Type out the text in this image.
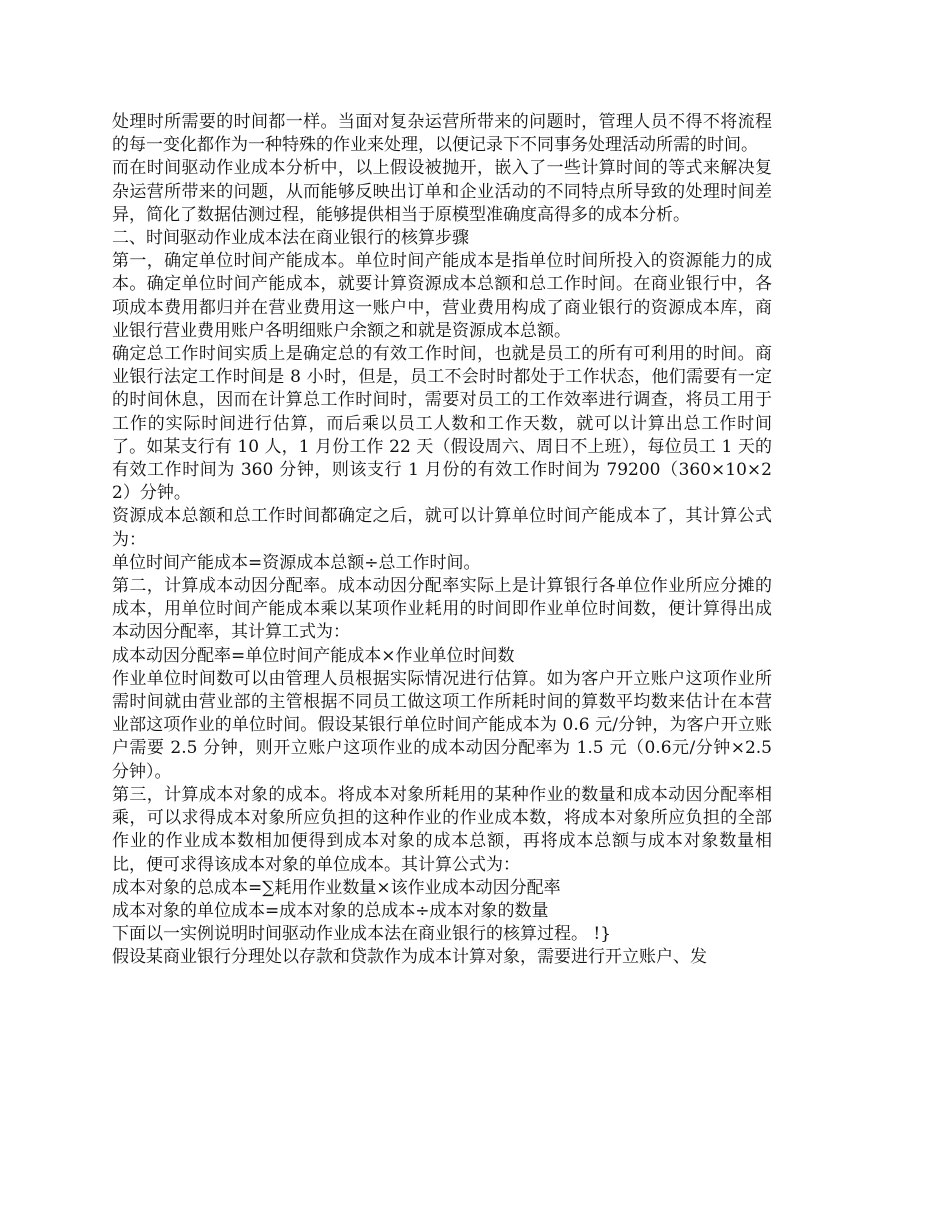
处理时所需要的时间都一样。当面对复杂运营所带来的问题时，管理人员不得不将流程的每一变化都作为一种特殊的作业来处理，以便记录下不同事务处理活动所需的时间。

而在时间驱动作业成本分析中，以上假设被抛开，嵌入了一些计算时间的等式来解决复杂运营所带来的问题，从而能够反映出订单和企业活动的不同特点所导致的处理时间差异，简化了数据估测过程，能够提供相当于原模型准确度高得多的成本分析。

二、时间驱动作业成本法在商业银行的核算步骤

第一，确定单位时间产能成本。单位时间产能成本是指单位时间所投入的资源能力的成本。确定单位时间产能成本，就要计算资源成本总额和总工作时间。在商业银行中，各项成本费用都归并在营业费用这一账户中，营业费用构成了商业银行的资源成本库，商业银行营业费用账户各明细账户余额之和就是资源成本总额。

确定总工作时间实质上是确定总的有效工作时间，也就是员工的所有可利用的时间。商业银行法定工作时间是 8 小时，但是，员工不会时时都处于工作状态，他们需要有一定的时间休息，因而在计算总工作时间时，需要对员工的工作效率进行调查，将员工用于工作的实际时间进行估算，而后乘以员工人数和工作天数，就可以计算出总工作时间了。如某支行有 10 人，1 月份工作 22 天（假设周六、周日不上班），每位员工 1 天的有效工作时间为 360 分钟，则该支行 1 月份的有效工作时间为 79200（360×10×22）分钟。

资源成本总额和总工作时间都确定之后，就可以计算单位时间产能成本了，其计算公式为：

单位时间产能成本=资源成本总额÷总工作时间。

第二，计算成本动因分配率。成本动因分配率实际上是计算银行各单位作业所应分摊的成本，用单位时间产能成本乘以某项作业耗用的时间即作业单位时间数，便计算得出成本动因分配率，其计算工式为：

成本动因分配率=单位时间产能成本×作业单位时间数

作业单位时间数可以由管理人员根据实际情况进行估算。如为客户开立账户这项作业所需时间就由营业部的主管根据不同员工做这项工作所耗时间的算数平均数来估计在本营业部这项作业的单位时间。假设某银行单位时间产能成本为 0.6 元/分钟，为客户开立账户需要 2.5 分钟，则开立账户这项作业的成本动因分配率为 1.5 元（0.6元/分钟×2.5 分钟）。

第三，计算成本对象的成本。将成本对象所耗用的某种作业的数量和成本动因分配率相乘，可以求得成本对象所应负担的这种作业的作业成本数，将成本对象所应负担的全部作业的作业成本数相加便得到成本对象的成本总额，再将成本总额与成本对象数量相比，便可求得该成本对象的单位成本。其计算公式为：

成本对象的总成本=∑耗用作业数量×该作业成本动因分配率

成本对象的单位成本=成本对象的总成本÷成本对象的数量

下面以一实例说明时间驱动作业成本法在商业银行的核算过程。 !}

假设某商业银行分理处以存款和贷款作为成本计算对象，需要进行开立账户、发
